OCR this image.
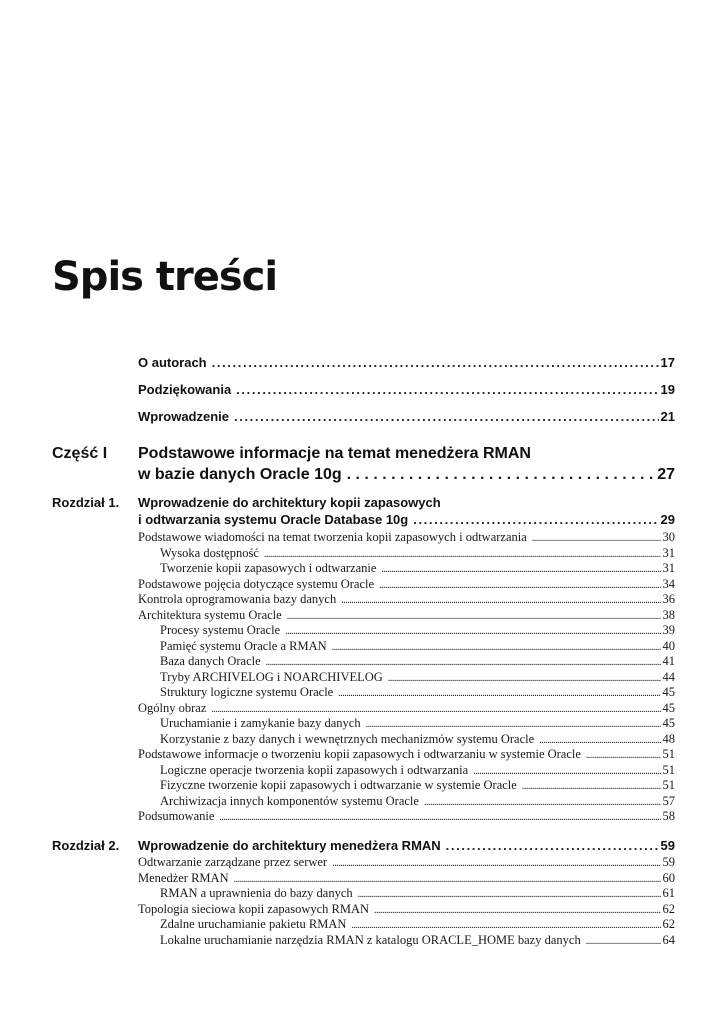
Spis treści
O autorach . . .	17
Podziękowania . . .	19
Wprowadzenie . . .	21
Część I Podstawowe informacje na temat menedżera RMAN
w bazie danych Oracle 10g . . .	27
Rozdział 1. Wprowadzenie do architektury kopii zapasowych
i odtwarzania systemu Oracle Database 10g . . .	29
Podstawowe wiadomości na temat tworzenia kopii zapasowych i odtwarzania . . .	30
Wysoka dostępność . . .	31
Tworzenie kopii zapasowych i odtwarzanie . . .	31
Podstawowe pojęcia dotyczące systemu Oracle . . .	34
Kontrola oprogramowania bazy danych . . .	36
Architektura systemu Oracle . . .	38
Procesy systemu Oracle . . .	39
Pamięć systemu Oracle a RMAN . . .	40
Baza danych Oracle . . .	41
Tryby ARCHIVELOG i NOARCHIVELOG . . .	44
Struktury logiczne systemu Oracle . . .	45
Ogólny obraz . . .	45
Uruchamianie i zamykanie bazy danych . . .	45
Korzystanie z bazy danych i wewnętrznych mechanizmów systemu Oracle . . .	48
Podstawowe informacje o tworzeniu kopii zapasowych i odtwarzaniu w systemie Oracle . . .	51
Logiczne operacje tworzenia kopii zapasowych i odtwarzania . . .	51
Fizyczne tworzenie kopii zapasowych i odtwarzanie w systemie Oracle . . .	51
Archiwizacja innych komponentów systemu Oracle . . .	57
Podsumowanie . . .	58
Rozdział 2. Wprowadzenie do architektury menedżera RMAN . . .	59
Odtwarzanie zarządzane przez serwer . . .	59
Menedżer RMAN . . .	60
RMAN a uprawnienia do bazy danych . . .	61
Topologia sieciowa kopii zapasowych RMAN . . .	62
Zdalne uruchamianie pakietu RMAN . . .	62
Lokalne uruchamianie narzędzia RMAN z katalogu ORACLE_HOME bazy danych . . .	64
